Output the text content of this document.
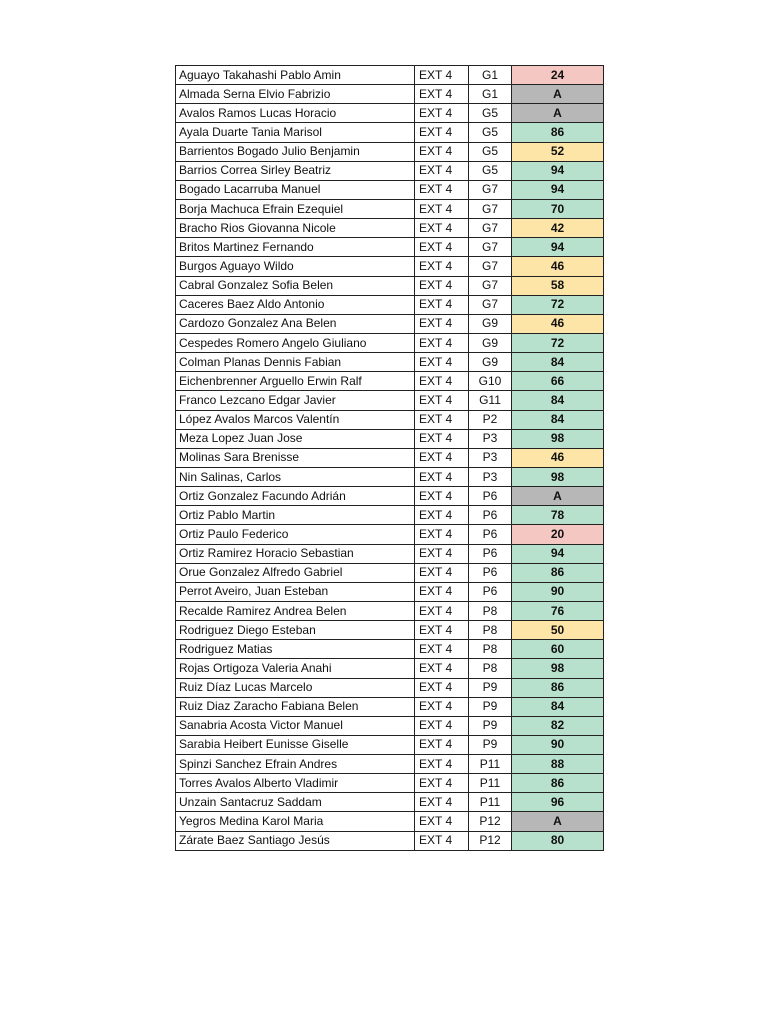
Aguayo Takahashi Pablo Amin	EXT 4	G1	24
Almada Serna Elvio Fabrizio	EXT 4	G1	A
Avalos Ramos Lucas Horacio	EXT 4	G5	A
Ayala Duarte Tania Marisol	EXT 4	G5	86
Barrientos Bogado Julio Benjamin	EXT 4	G5	52
Barrios Correa Sirley Beatriz	EXT 4	G5	94
Bogado Lacarruba Manuel	EXT 4	G7	94
Borja Machuca Efrain Ezequiel	EXT 4	G7	70
Bracho Rios Giovanna Nicole	EXT 4	G7	42
Britos Martinez Fernando	EXT 4	G7	94
Burgos Aguayo Wildo	EXT 4	G7	46
Cabral Gonzalez Sofia Belen	EXT 4	G7	58
Caceres Baez Aldo Antonio	EXT 4	G7	72
Cardozo Gonzalez Ana Belen	EXT 4	G9	46
Cespedes Romero Angelo Giuliano	EXT 4	G9	72
Colman Planas Dennis Fabian	EXT 4	G9	84
Eichenbrenner Arguello Erwin Ralf	EXT 4	G10	66
Franco Lezcano Edgar Javier	EXT 4	G11	84
López Avalos Marcos Valentín	EXT 4	P2	84
Meza Lopez Juan Jose	EXT 4	P3	98
Molinas Sara Brenisse	EXT 4	P3	46
Nin Salinas, Carlos	EXT 4	P3	98
Ortiz Gonzalez Facundo Adrián	EXT 4	P6	A
Ortiz Pablo Martin	EXT 4	P6	78
Ortiz Paulo Federico	EXT 4	P6	20
Ortiz Ramirez Horacio Sebastian	EXT 4	P6	94
Orue Gonzalez Alfredo Gabriel	EXT 4	P6	86
Perrot Aveiro, Juan Esteban	EXT 4	P6	90
Recalde Ramirez Andrea Belen	EXT 4	P8	76
Rodriguez Diego Esteban	EXT 4	P8	50
Rodriguez Matias	EXT 4	P8	60
Rojas Ortigoza Valeria Anahi	EXT 4	P8	98
Ruiz Díaz Lucas Marcelo	EXT 4	P9	86
Ruiz Diaz Zaracho Fabiana Belen	EXT 4	P9	84
Sanabria Acosta Victor Manuel	EXT 4	P9	82
Sarabia Heibert Eunisse Giselle	EXT 4	P9	90
Spinzi Sanchez Efrain Andres	EXT 4	P11	88
Torres Avalos Alberto Vladimir	EXT 4	P11	86
Unzain Santacruz Saddam	EXT 4	P11	96
Yegros Medina Karol Maria	EXT 4	P12	A
Zárate Baez Santiago Jesús	EXT 4	P12	80
